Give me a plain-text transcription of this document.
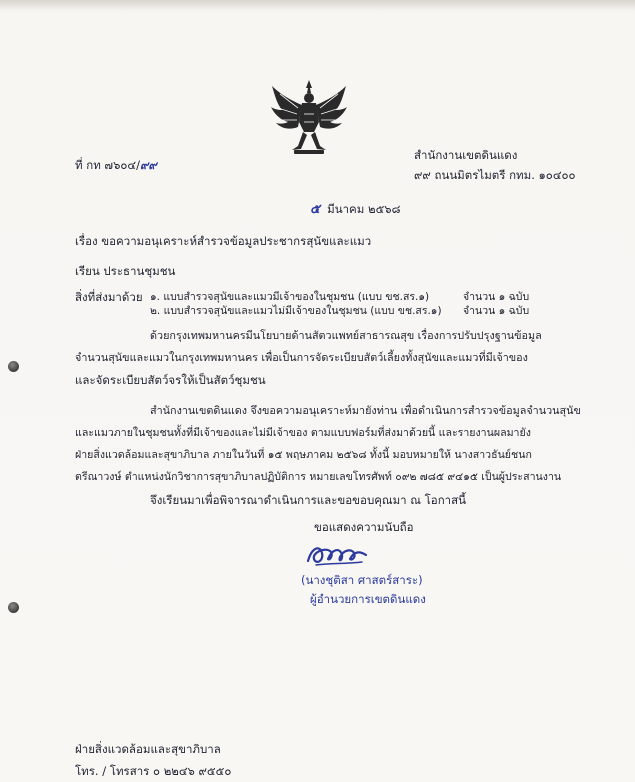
ที่ กท ๗๖๐๔/๙๙
สำนักงานเขตดินแดง
๙๙ ถนนมิตรไมตรี กทม. ๑๐๔๐๐
๕ มีนาคม ๒๕๖๘
เรื่อง ขอความอนุเคราะห์สำรวจข้อมูลประชากรสุนัขและแมว
เรียน ประธานชุมชน
สิ่งที่ส่งมาด้วย ๑. แบบสำรวจสุนัขและแมวมีเจ้าของในชุมชน (แบบ ขช.สร.๑)	จำนวน ๑ ฉบับ
๒. แบบสำรวจสุนัขและแมวไม่มีเจ้าของในชุมชน (แบบ ขช.สร.๑) จำนวน ๑ ฉบับ
ด้วยกรุงเทพมหานครมีนโยบายด้านสัตวแพทย์สาธารณสุข เรื่องการปรับปรุงฐานข้อมูล
จำนวนสุนัขและแมวในกรุงเทพมหานคร เพื่อเป็นการจัดระเบียบสัตว์เลี้ยงทั้งสุนัขและแมวที่มีเจ้าของ
และจัดระเบียบสัตว์จรให้เป็นสัตว์ชุมชน
สำนักงานเขตดินแดง จึงขอความอนุเคราะห์มายังท่าน เพื่อดำเนินการสำรวจข้อมูลจำนวนสุนัข
และแมวภายในชุมชนทั้งที่มีเจ้าของและไม่มีเจ้าของ ตามแบบฟอร์มที่ส่งมาด้วยนี้ และรายงานผลมายัง
ฝ่ายสิ่งแวดล้อมและสุขาภิบาล ภายในวันที่ ๑๕ พฤษภาคม ๒๕๖๘ ทั้งนี้ มอบหมายให้ นางสาวธันย์ชนก
ตรีณาวงษ์ ตำแหน่งนักวิชาการสุขาภิบาลปฏิบัติการ หมายเลขโทรศัพท์ ๐๙๒ ๗๘๕ ๙๔๑๕ เป็นผู้ประสานงาน
จึงเรียนมาเพื่อพิจารณาดำเนินการและขอขอบคุณมา ณ โอกาสนี้
ขอแสดงความนับถือ
(นางชุติสา ศาสตร์สาระ)
ผู้อำนวยการเขตดินแดง
ฝ่ายสิ่งแวดล้อมและสุขาภิบาล
โทร. / โทรสาร ๐ ๒๒๔๖ ๙๕๕๐
